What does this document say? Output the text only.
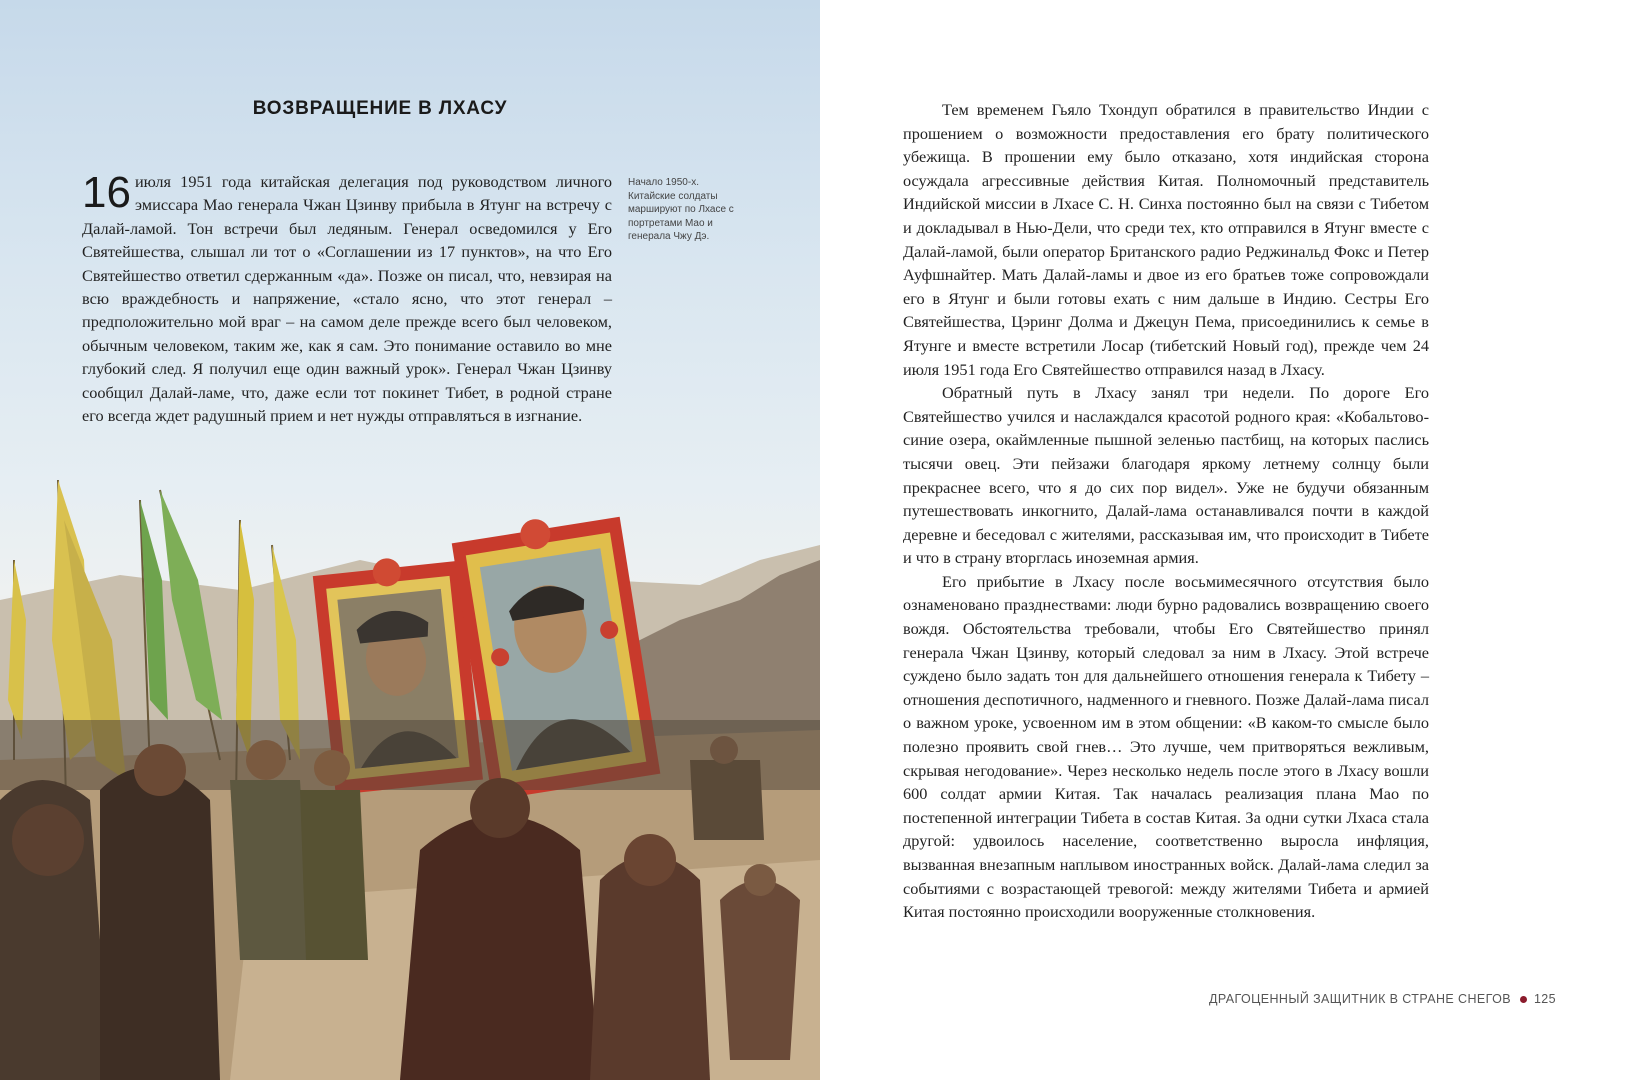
ВОЗВРАЩЕНИЕ В ЛХАСУ
16 июля 1951 года китайская делегация под руководством личного эмиссара Мао генерала Чжан Цзинву прибыла в Ятунг на встречу с Далай-ламой. Тон встречи был ледяным. Генерал осведомился у Его Святейшества, слышал ли тот о «Соглашении из 17 пунктов», на что Его Святейшество ответил сдержанным «да». Позже он писал, что, невзирая на всю враждебность и напряжение, «стало ясно, что этот генерал – предположительно мой враг – на самом деле прежде всего был человеком, обычным человеком, таким же, как я сам. Это понимание оставило во мне глубокий след. Я получил еще один важный урок». Генерал Чжан Цзинву сообщил Далай-ламе, что, даже если тот покинет Тибет, в родной стране его всегда ждет радушный прием и нет нужды отправляться в изгнание.
Начало 1950-х. Китайские солдаты маршируют по Лхасе с портретами Мао и генерала Чжу Дэ.

Тем временем Гьяло Тхондуп обратился в правительство Индии с прошением о возможности предоставления его брату политического убежища. В прошении ему было отказано, хотя индийская сторона осуждала агрессивные действия Китая. Полномочный представитель Индийской миссии в Лхасе С. Н. Синха постоянно был на связи с Тибетом и докладывал в Нью-Дели, что среди тех, кто отправился в Ятунг вместе с Далай-ламой, были оператор Британского радио Реджинальд Фокс и Петер Ауфшнайтер. Мать Далай-ламы и двое из его братьев тоже сопровождали его в Ятунг и были готовы ехать с ним дальше в Индию. Сестры Его Святейшества, Цэринг Долма и Джецун Пема, присоединились к семье в Ятунге и вместе встретили Лосар (тибетский Новый год), прежде чем 24 июля 1951 года Его Святейшество отправился назад в Лхасу.

Обратный путь в Лхасу занял три недели. По дороге Его Святейшество учился и наслаждался красотой родного края: «Кобальтово-синие озера, окаймленные пышной зеленью пастбищ, на которых паслись тысячи овец. Эти пейзажи благодаря яркому летнему солнцу были прекраснее всего, что я до сих пор видел». Уже не будучи обязанным путешествовать инкогнито, Далай-лама останавливался почти в каждой деревне и беседовал с жителями, рассказывая им, что происходит в Тибете и что в страну вторглась иноземная армия.

Его прибытие в Лхасу после восьмимесячного отсутствия было ознаменовано празднествами: люди бурно радовались возвращению своего вождя. Обстоятельства требовали, чтобы Его Святейшество принял генерала Чжан Цзинву, который следовал за ним в Лхасу. Этой встрече суждено было задать тон для дальнейшего отношения генерала к Тибету – отношения деспотичного, надменного и гневного. Позже Далай-лама писал о важном уроке, усвоенном им в этом общении: «В каком-то смысле было полезно проявить свой гнев… Это лучше, чем притворяться вежливым, скрывая негодование». Через несколько недель после этого в Лхасу вошли 600 солдат армии Китая. Так началась реализация плана Мао по постепенной интеграции Тибета в состав Китая. За одни сутки Лхаса стала другой: удвоилось население, соответственно выросла инфляция, вызванная внезапным наплывом иностранных войск. Далай-лама следил за событиями с возрастающей тревогой: между жителями Тибета и армией Китая постоянно происходили вооруженные столкновения.

ДРАГОЦЕННЫЙ ЗАЩИТНИК В СТРАНЕ СНЕГОВ 125
